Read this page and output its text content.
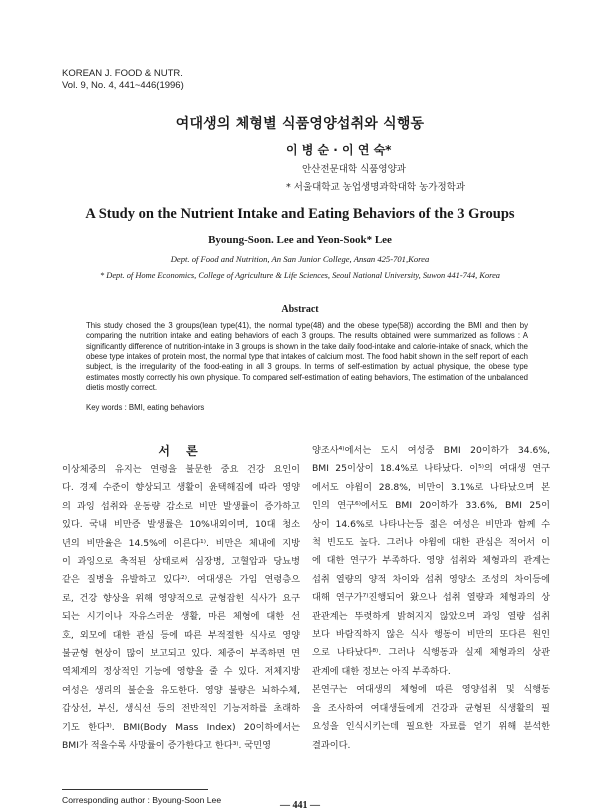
KOREAN J. FOOD & NUTR.
Vol. 9, No. 4, 441~446(1996)
여대생의 체형별 식품영양섭취와 식행동
이 병 순 · 이 연 숙*
안산전문대학 식품영양과
* 서울대학교 농업생명과학대학 농가정학과
A Study on the Nutrient Intake and Eating Behaviors of the 3 Groups
Byoung-Soon. Lee and Yeon-Sook* Lee
Dept. of Food and Nutrition, An San Junior College, Ansan 425-701,Korea
* Dept. of Home Economics, College of Agriculture & Life Sciences, Seoul National University, Suwon 441-744, Korea
Abstract
This study chosed the 3 groups(lean type(41), the normal type(48) and the obese type(58)) according the BMI and then by comparing the nutrition intake and eating behaviors of each 3 groups. The results obtained were summarized as follows : A significantly difference of nutrition-intake in 3 groups is shown in the take daily food-intake and calorie-intake of snack, which the obese type intakes of protein most, the normal type that intakes of calcium most. The food habit shown in the self report of each subject, is the irregularity of the food-eating in all 3 groups. In terms of self-estimation by actual physique, the obese type estimates mostly correctly his own physique. To compared self-estimation of eating behaviors, The estimation of the unbalanced dietis mostly correct.
Key words : BMI, eating behaviors
서 론
이상체중의 유지는 연령을 불문한 중요 건강 요인이
다. 경제 수준이 향상되고 생활이 윤택해짐에 따라 영양
의 과잉 섭취와 운동량 감소로 비만 발생률이 증가하고
있다. 국내 비만증 발생률은 10%내외이며, 10대 청소
년의 비만율은 14.5%에 이른다¹⁾. 비만은 체내에 지방
이 과잉으로 축적된 상태로써 심장병, 고혈압과 당뇨병
같은 질병을 유발하고 있다²⁾. 여대생은 가임 연령층으
로, 건강 향상을 위해 영양적으로 균형잡힌 식사가 요구
되는 시기이나 자유스러운 생활, 마른 체형에 대한 선
호, 외모에 대한 관심 등에 따른 부적절한 식사로 영양
불균형 현상이 많이 보고되고 있다. 체중이 부족하면 면
역체계의 정상적인 기능에 영향을 줄 수 있다. 저체지방
여성은 생리의 불순을 유도한다. 영양 불량은 뇌하수체,
갑상선, 부신, 생식선 등의 전반적인 기능저하를 초래하
기도 한다³⁾. BMI(Body Mass Index) 20이하에서는
BMI가 적을수록 사망률이 증가한다고 한다³⁾. 국민영
양조사⁴⁾에서는 도시 여성중 BMI 20이하가 34.6%,
BMI 25이상이 18.4%로 나타났다. 이⁵⁾의 여대생 연구
에서도 야윔이 28.8%, 비만이 3.1%로 나타났으며 본
인의 연구⁶⁾에서도 BMI 20이하가 33.6%, BMI 25이
상이 14.6%로 나타나는등 젊은 여성은 비만과 함께 수
척 빈도도 높다. 그러나 야윔에 대한 관심은 적어서 이
에 대한 연구가 부족하다. 영양 섭취와 체형과의 관계는
섭취 열량의 양적 차이와 섭취 영양소 조성의 차이등에
대해 연구가⁷⁾진행되어 왔으나 섭취 열량과 체형과의 상
관관계는 뚜렷하게 밝혀지지 않았으며 과잉 열량 섭취
보다 바람직하지 않은 식사 행동이 비만의 또다른 원인
으로 나타났다⁸⁾. 그러나 식행동과 실제 체형과의 상관
관계에 대한 정보는 아직 부족하다.
본연구는 여대생의 체형에 따른 영양섭취 및 식행동
을 조사하여 여대생들에게 건강과 균형된 식생활의 필
요성을 인식시키는데 필요한 자료를 얻기 위해 분석한
결과이다.
Corresponding author : Byoung-Soon Lee	— 441 —
